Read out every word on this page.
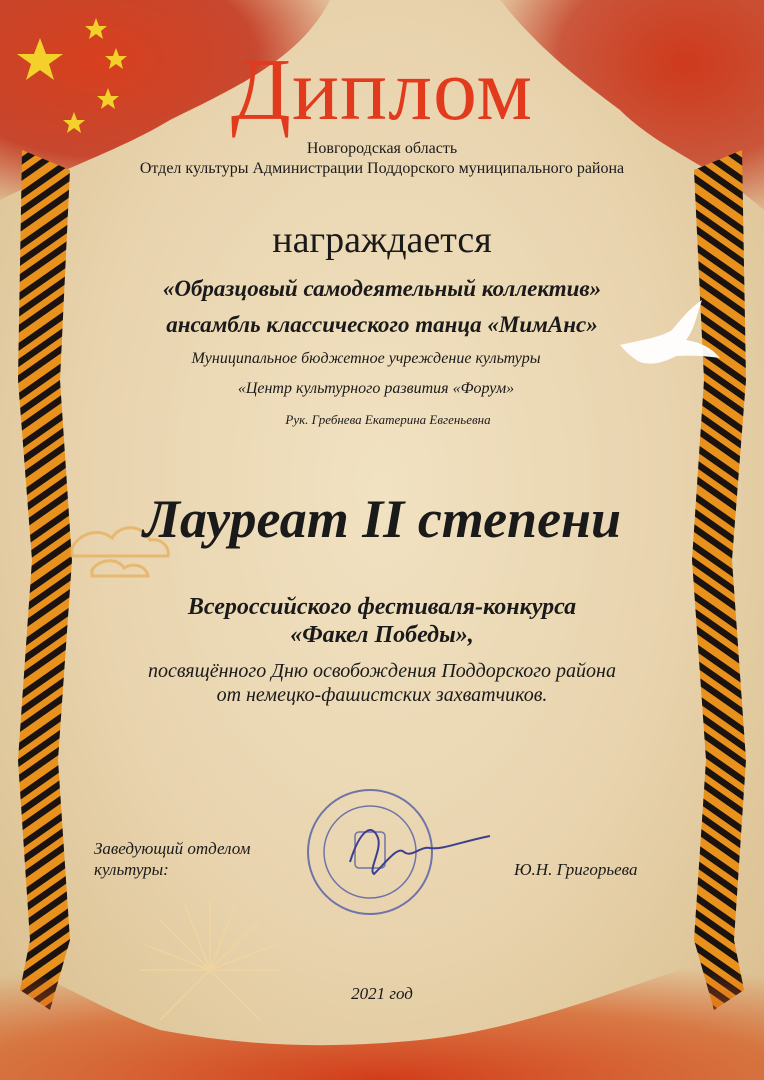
Диплом
Новгородская область
Отдел культуры Администрации Поддорского муниципального района
награждается
«Образцовый самодеятельный коллектив»
ансамбль классического танца «МимАнс»
Муниципальное бюджетное учреждение культуры
«Центр культурного развития «Форум»
Рук. Гребнева Екатерина Евгеньевна
Лауреат II степени
Всероссийского фестиваля-конкурса
«Факел Победы»,
посвящённого Дню освобождения Поддорского района
от немецко-фашистских захватчиков.
Заведующий отделом
культуры:	Ю.Н. Григорьева
2021 год
